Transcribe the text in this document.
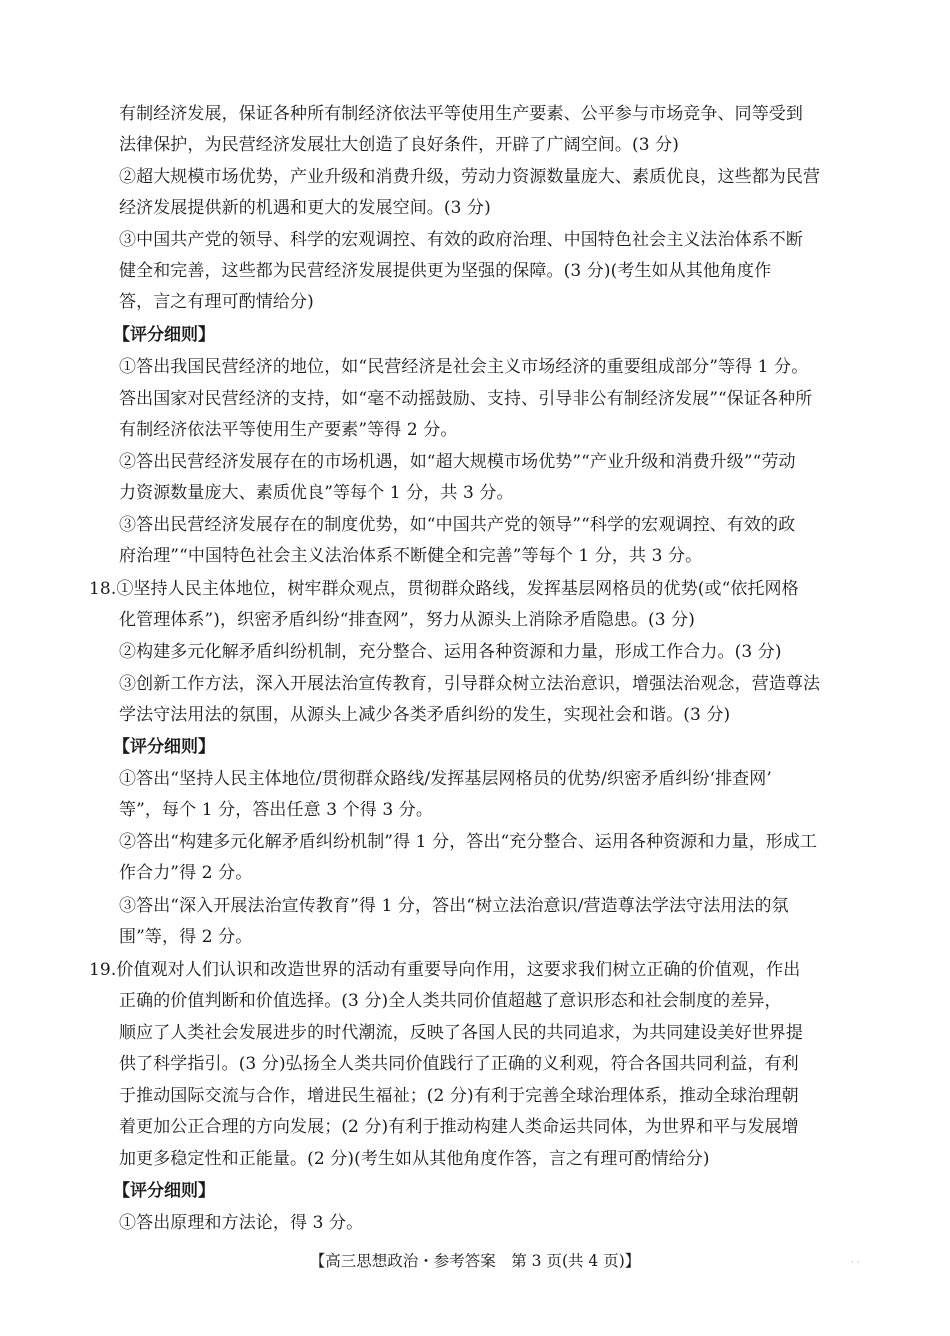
有制经济发展，保证各种所有制经济依法平等使用生产要素、公平参与市场竞争、同等受到
法律保护，为民营经济发展壮大创造了良好条件，开辟了广阔空间。(3 分)
②超大规模市场优势，产业升级和消费升级，劳动力资源数量庞大、素质优良，这些都为民营
经济发展提供新的机遇和更大的发展空间。(3 分)
③中国共产党的领导、科学的宏观调控、有效的政府治理、中国特色社会主义法治体系不断
健全和完善，这些都为民营经济发展提供更为坚强的保障。(3 分)(考生如从其他角度作
答，言之有理可酌情给分)
【评分细则】
①答出我国民营经济的地位，如“民营经济是社会主义市场经济的重要组成部分”等得 1 分。
答出国家对民营经济的支持，如“毫不动摇鼓励、支持、引导非公有制经济发展”“保证各种所
有制经济依法平等使用生产要素”等得 2 分。
②答出民营经济发展存在的市场机遇，如“超大规模市场优势”“产业升级和消费升级”“劳动
力资源数量庞大、素质优良”等每个 1 分，共 3 分。
③答出民营经济发展存在的制度优势，如“中国共产党的领导”“科学的宏观调控、有效的政
府治理”“中国特色社会主义法治体系不断健全和完善”等每个 1 分，共 3 分。
18.①坚持人民主体地位，树牢群众观点，贯彻群众路线，发挥基层网格员的优势(或“依托网格
化管理体系”)，织密矛盾纠纷“排查网”，努力从源头上消除矛盾隐患。(3 分)
②构建多元化解矛盾纠纷机制，充分整合、运用各种资源和力量，形成工作合力。(3 分)
③创新工作方法，深入开展法治宣传教育，引导群众树立法治意识，增强法治观念，营造尊法
学法守法用法的氛围，从源头上减少各类矛盾纠纷的发生，实现社会和谐。(3 分)
【评分细则】
①答出“坚持人民主体地位/贯彻群众路线/发挥基层网格员的优势/织密矛盾纠纷‘排查网’
等”，每个 1 分，答出任意 3 个得 3 分。
②答出“构建多元化解矛盾纠纷机制”得 1 分，答出“充分整合、运用各种资源和力量，形成工
作合力”得 2 分。
③答出“深入开展法治宣传教育”得 1 分，答出“树立法治意识/营造尊法学法守法用法的氛
围”等，得 2 分。
19.价值观对人们认识和改造世界的活动有重要导向作用，这要求我们树立正确的价值观，作出
正确的价值判断和价值选择。(3 分)全人类共同价值超越了意识形态和社会制度的差异，
顺应了人类社会发展进步的时代潮流，反映了各国人民的共同追求，为共同建设美好世界提
供了科学指引。(3 分)弘扬全人类共同价值践行了正确的义利观，符合各国共同利益，有利
于推动国际交流与合作，增进民生福祉；(2 分)有利于完善全球治理体系，推动全球治理朝
着更加公正合理的方向发展；(2 分)有利于推动构建人类命运共同体，为世界和平与发展增
加更多稳定性和正能量。(2 分)(考生如从其他角度作答，言之有理可酌情给分)
【评分细则】
①答出原理和方法论，得 3 分。
【高三思想政治・参考答案　第 3 页(共 4 页)】	· ·
